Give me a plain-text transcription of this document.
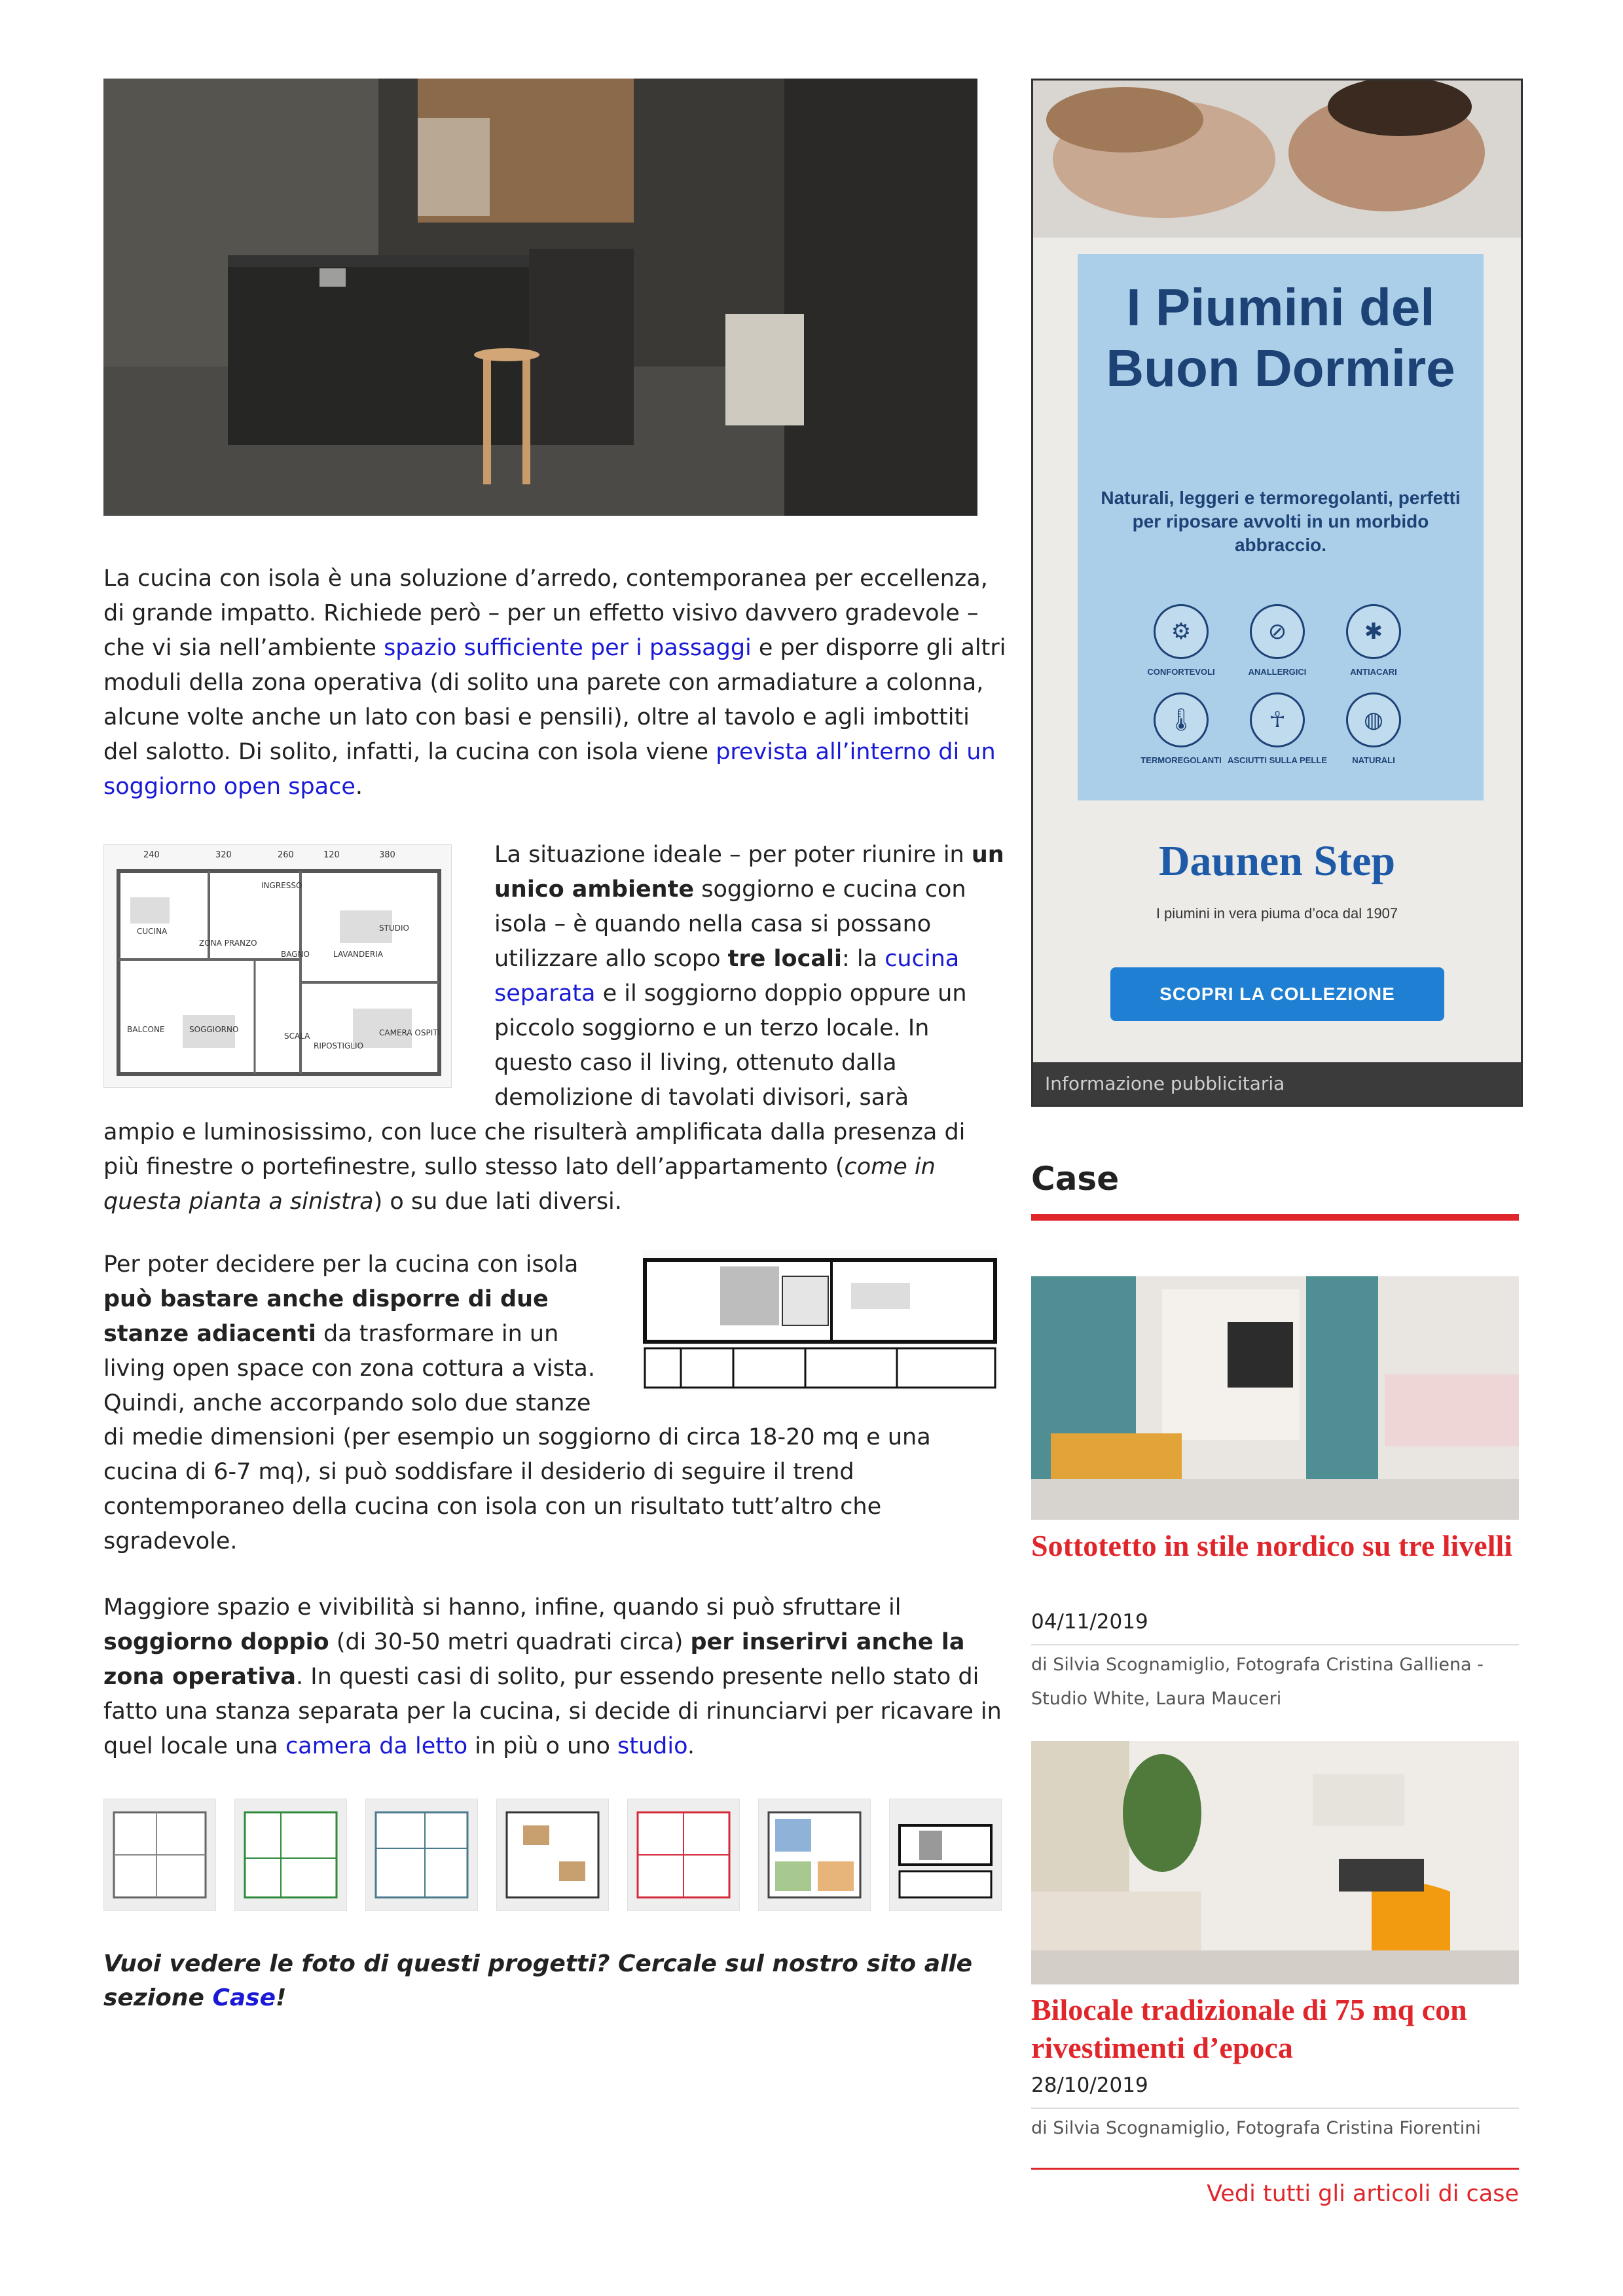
La cucina con isola è una soluzione d’arredo, contemporanea per eccellenza, di grande impatto. Richiede però – per un effetto visivo davvero gradevole – che vi sia nell’ambiente spazio sufficiente per i passaggi e per disporre gli altri moduli della zona operativa (di solito una parete con armadiature a colonna, alcune volte anche un lato con basi e pensili), oltre al tavolo e agli imbottiti del salotto. Di solito, infatti, la cucina con isola viene prevista all’interno di un soggiorno open space.

240	320	260	120	380
INGRESSO
CUCINA
ZONA PRANZO
STUDIO
BAGNO	LAVANDERIA
BALCONE	SOGGIORNO
SCALA
RIPOSTIGLIO
CAMERA OSPITI

La situazione ideale – per poter riunire in un unico ambiente soggiorno e cucina con isola – è quando nella casa si possano utilizzare allo scopo tre locali: la cucina separata e il soggiorno doppio oppure un piccolo soggiorno e un terzo locale. In questo caso il living, ottenuto dalla demolizione di tavolati divisori, sarà

ampio e luminosissimo, con luce che risulterà amplificata dalla presenza di più finestre o portefinestre, sullo stesso lato dell’appartamento (come in questa pianta a sinistra) o su due lati diversi.

Per poter decidere per la cucina con isola può bastare anche disporre di due stanze adiacenti da trasformare in un living open space con zona cottura a vista. Quindi, anche accorpando solo due stanze

di medie dimensioni (per esempio un soggiorno di circa 18-20 mq e una cucina di 6-7 mq), si può soddisfare il desiderio di seguire il trend contemporaneo della cucina con isola con un risultato tutt’altro che sgradevole.

Maggiore spazio e vivibilità si hanno, infine, quando si può sfruttare il soggiorno doppio (di 30-50 metri quadrati circa) per inserirvi anche la zona operativa. In questi casi di solito, pur essendo presente nello stato di fatto una stanza separata per la cucina, si decide di rinunciarvi per ricavare in quel locale una camera da letto in più o uno studio.

Vuoi vedere le foto di questi progetti? Cercale sul nostro sito alle sezione Case!
I Piumini del Buon Dormire
Naturali, leggeri e termoregolanti, perfetti per riposare avvolti in un morbido abbraccio.
⚙
CONFORTEVOLI
⊘
ANALLERGICI
✱
ANTIACARI
🌡
TERMOREGOLANTI
☥
ASCIUTTI SULLA PELLE
◍
NATURALI
Daunen Step
I piumini in vera piuma d’oca dal 1907
SCOPRI LA COLLEZIONE
Informazione pubblicitaria
Case
Sottotetto in stile nordico su tre livelli
04/11/2019
di Silvia Scognamiglio, Fotografa Cristina Galliena - Studio White, Laura Mauceri
Bilocale tradizionale di 75 mq con rivestimenti d’epoca
28/10/2019
di Silvia Scognamiglio, Fotografa Cristina Fiorentini
Vedi tutti gli articoli di case
